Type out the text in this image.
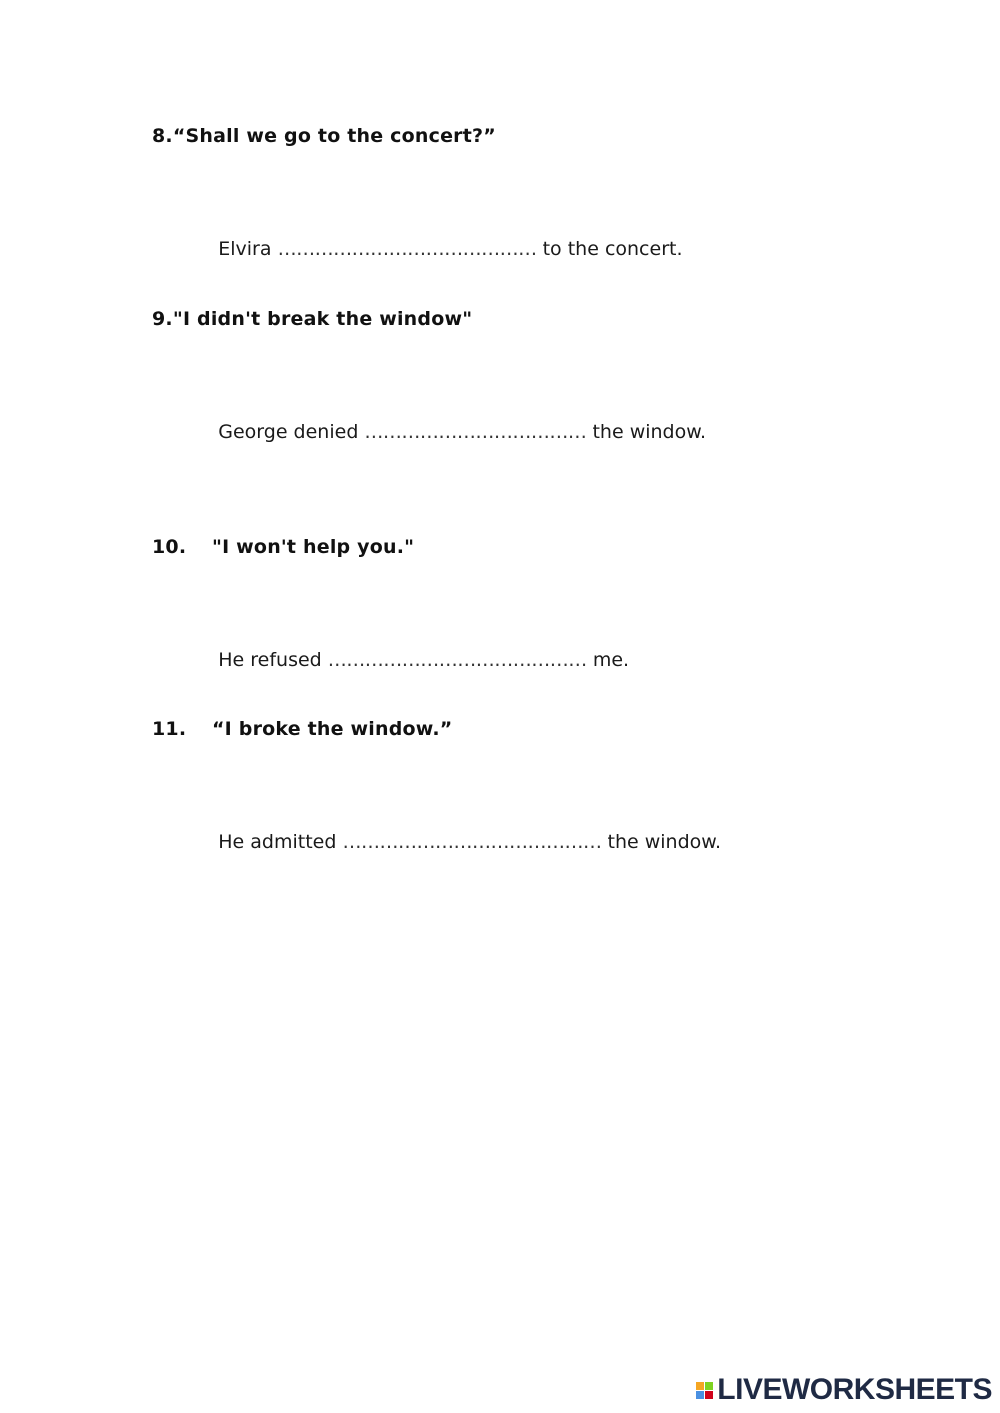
8. “Shall we go to the concert?”

Elvira …………………………………… to the concert.

9. "I didn't break the window"

George denied ……………………………… the window.

10.	"I won't help you."

He refused …………………………………… me.

11.	“I broke the window.”

He admitted …………………………………… the window.

LIVEWORKSHEETS
